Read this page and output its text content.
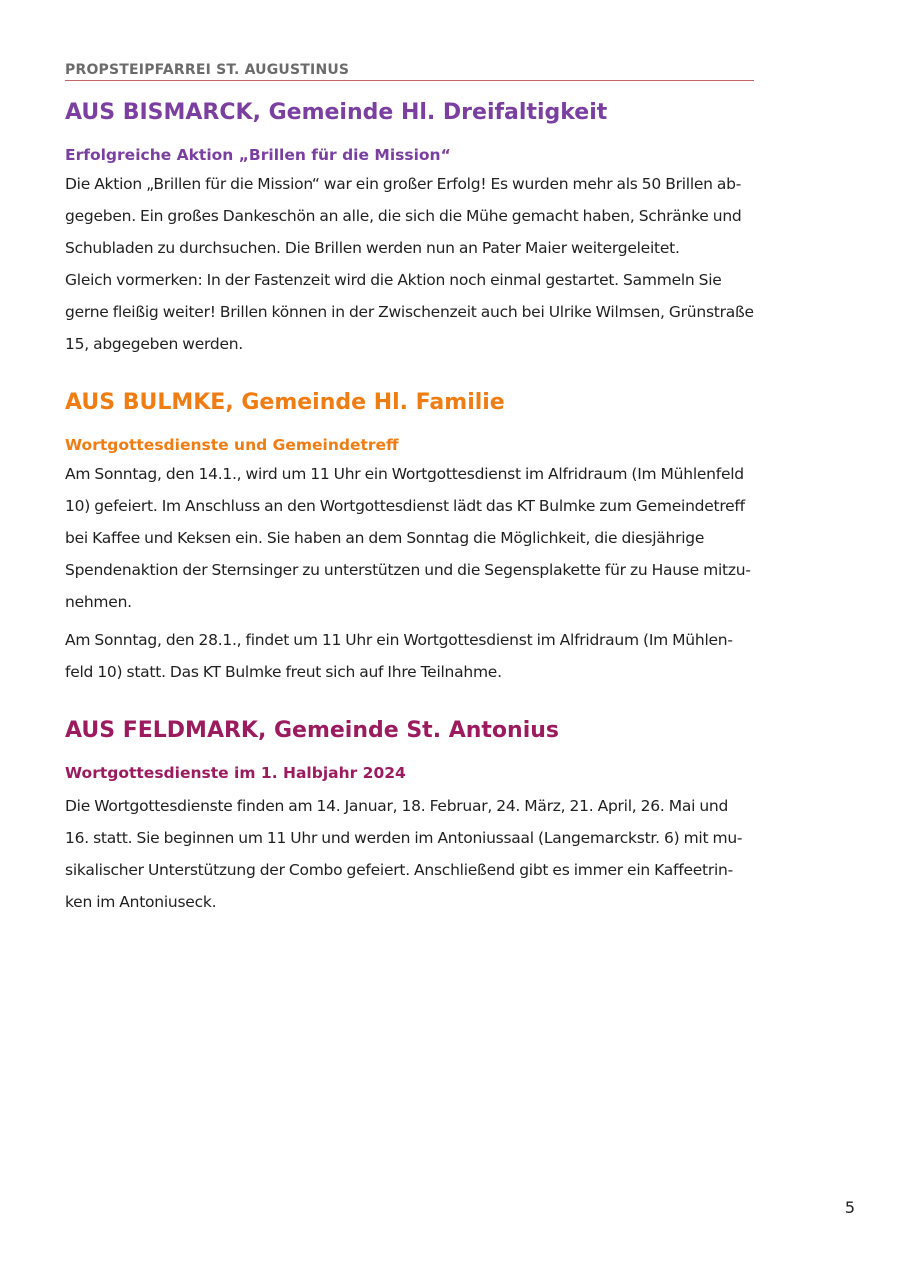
PROPSTEIPFARREI ST. AUGUSTINUS
AUS BISMARCK, Gemeinde Hl. Dreifaltigkeit
Erfolgreiche Aktion „Brillen für die Mission“

Die Aktion „Brillen für die Mission“ war ein großer Erfolg! Es wurden mehr als 50 Brillen ab-
gegeben. Ein großes Dankeschön an alle, die sich die Mühe gemacht haben, Schränke und
Schubladen zu durchsuchen. Die Brillen werden nun an Pater Maier weitergeleitet.
Gleich vormerken: In der Fastenzeit wird die Aktion noch einmal gestartet. Sammeln Sie
gerne fleißig weiter! Brillen können in der Zwischenzeit auch bei Ulrike Wilmsen, Grünstraße
15, abgegeben werden.

AUS BULMKE, Gemeinde Hl. Familie
Wortgottesdienste und Gemeindetreff

Am Sonntag, den 14.1., wird um 11 Uhr ein Wortgottesdienst im Alfridraum (Im Mühlenfeld
10) gefeiert. Im Anschluss an den Wortgottesdienst lädt das KT Bulmke zum Gemeindetreff
bei Kaffee und Keksen ein. Sie haben an dem Sonntag die Möglichkeit, die diesjährige
Spendenaktion der Sternsinger zu unterstützen und die Segensplakette für zu Hause mitzu-
nehmen.

Am Sonntag, den 28.1., findet um 11 Uhr ein Wortgottesdienst im Alfridraum (Im Mühlen-
feld 10) statt. Das KT Bulmke freut sich auf Ihre Teilnahme.

AUS FELDMARK, Gemeinde St. Antonius
Wortgottesdienste im 1. Halbjahr 2024

Die Wortgottesdienste finden am 14. Januar, 18. Februar, 24. März, 21. April, 26. Mai und
16. statt. Sie beginnen um 11 Uhr und werden im Antoniussaal (Langemarckstr. 6) mit mu-
sikalischer Unterstützung der Combo gefeiert. Anschließend gibt es immer ein Kaffeetrin-
ken im Antoniuseck.

5
